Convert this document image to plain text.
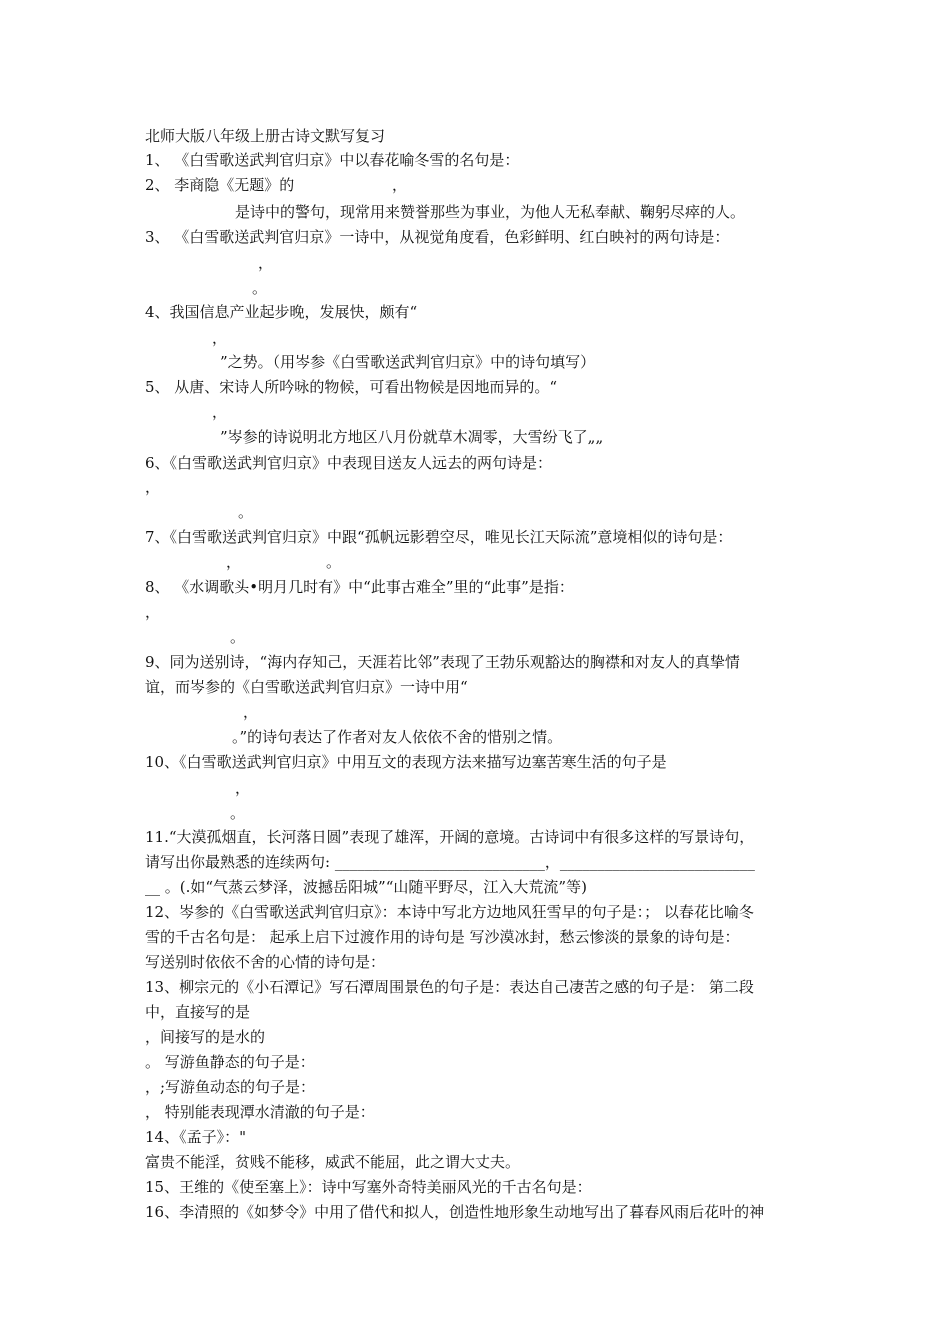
北师大版八年级上册古诗文默写复习
1、 《白雪歌送武判官归京》中以春花喻冬雪的名句是：
2、 李商隐《无题》的	，
是诗中的警句，现常用来赞誉那些为事业，为他人无私奉献、鞠躬尽瘁的人。
3、 《白雪歌送武判官归京》一诗中，从视觉角度看，色彩鲜明、红白映衬的两句诗是：
，
。
4、我国信息产业起步晚，发展快，颇有“
，
”之势。（用岑参《白雪歌送武判官归京》中的诗句填写）
5、 从唐、宋诗人所吟咏的物候，可看出物候是因地而异的。“
，
”岑参的诗说明北方地区八月份就草木凋零，大雪纷飞了„„
6、《白雪歌送武判官归京》中表现目送友人远去的两句诗是：
，
。
7、《白雪歌送武判官归京》中跟“孤帆远影碧空尽，唯见长江天际流”意境相似的诗句是：
，	。
8、 《水调歌头•明月几时有》中“此事古难全”里的“此事”是指：
，
。
9、同为送别诗，“海内存知己，天涯若比邻”表现了王勃乐观豁达的胸襟和对友人的真挚情
谊，而岑参的《白雪歌送武判官归京》一诗中用“
，
。”的诗句表达了作者对友人依依不舍的惜别之情。
10、《白雪歌送武判官归京》中用互文的表现方法来描写边塞苦寒生活的句子是
，
。
11.“大漠孤烟直，长河落日圆”表现了雄浑，开阔的意境。古诗词中有很多这样的写景诗句，
请写出你最熟悉的连续两句: ____________________________，__________________________
__ 。(.如“气蒸云梦泽，波撼岳阳城”“山随平野尽，江入大荒流”等)
12、岑参的《白雪歌送武判官归京》：本诗中写北方边地风狂雪早的句子是：； 以春花比喻冬
雪的千古名句是： 起承上启下过渡作用的诗句是 写沙漠冰封，愁云惨淡的景象的诗句是：
写送别时依依不舍的心情的诗句是：
13、柳宗元的《小石潭记》写石潭周围景色的句子是：表达自己凄苦之感的句子是： 第二段
中，直接写的是
，间接写的是水的
。 写游鱼静态的句子是：
，;写游鱼动态的句子是：
， 特别能表现潭水清澈的句子是：
14、《孟子》："
富贵不能淫，贫贱不能移，威武不能屈，此之谓大丈夫。
15、王维的《使至塞上》：诗中写塞外奇特美丽风光的千古名句是：
16、李清照的《如梦令》中用了借代和拟人，创造性地形象生动地写出了暮春风雨后花叶的神
